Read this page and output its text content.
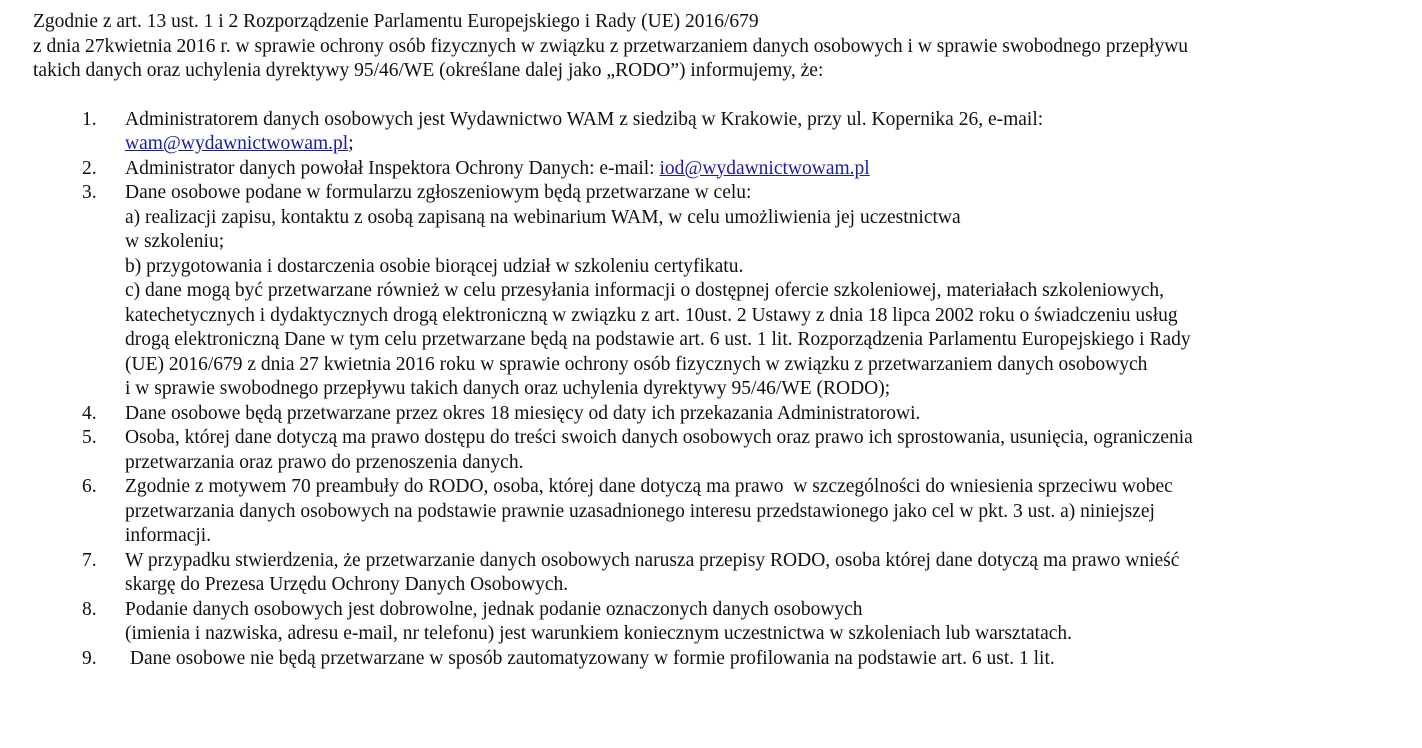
Zgodnie z art. 13 ust. 1 i 2 Rozporządzenie Parlamentu Europejskiego i Rady (UE) 2016/679
z dnia 27kwietnia 2016 r. w sprawie ochrony osób fizycznych w związku z przetwarzaniem danych osobowych i w sprawie swobodnego przepływu
takich danych oraz uchylenia dyrektywy 95/46/WE (określane dalej jako „RODO”) informujemy, że:
1. Administratorem danych osobowych jest Wydawnictwo WAM z siedzibą w Krakowie, przy ul. Kopernika 26, e-mail:
wam@wydawnictwowam.pl;
2. Administrator danych powołał Inspektora Ochrony Danych: e-mail: iod@wydawnictwowam.pl
3. Dane osobowe podane w formularzu zgłoszeniowym będą przetwarzane w celu:
a) realizacji zapisu, kontaktu z osobą zapisaną na webinarium WAM, w celu umożliwienia jej uczestnictwa
w szkoleniu;
b) przygotowania i dostarczenia osobie biorącej udział w szkoleniu certyfikatu.
c) dane mogą być przetwarzane również w celu przesyłania informacji o dostępnej ofercie szkoleniowej, materiałach szkoleniowych,
katechetycznych i dydaktycznych drogą elektroniczną w związku z art. 10ust. 2 Ustawy z dnia 18 lipca 2002 roku o świadczeniu usług
drogą elektroniczną Dane w tym celu przetwarzane będą na podstawie art. 6 ust. 1 lit. Rozporządzenia Parlamentu Europejskiego i Rady
(UE) 2016/679 z dnia 27 kwietnia 2016 roku w sprawie ochrony osób fizycznych w związku z przetwarzaniem danych osobowych
i w sprawie swobodnego przepływu takich danych oraz uchylenia dyrektywy 95/46/WE (RODO);
4. Dane osobowe będą przetwarzane przez okres 18 miesięcy od daty ich przekazania Administratorowi.
5. Osoba, której dane dotyczą ma prawo dostępu do treści swoich danych osobowych oraz prawo ich sprostowania, usunięcia, ograniczenia
przetwarzania oraz prawo do przenoszenia danych.
6. Zgodnie z motywem 70 preambuły do RODO, osoba, której dane dotyczą ma prawo  w szczególności do wniesienia sprzeciwu wobec
przetwarzania danych osobowych na podstawie prawnie uzasadnionego interesu przedstawionego jako cel w pkt. 3 ust. a) niniejszej
informacji.
7. W przypadku stwierdzenia, że przetwarzanie danych osobowych narusza przepisy RODO, osoba której dane dotyczą ma prawo wnieść
skargę do Prezesa Urzędu Ochrony Danych Osobowych.
8. Podanie danych osobowych jest dobrowolne, jednak podanie oznaczonych danych osobowych
(imienia i nazwiska, adresu e-mail, nr telefonu) jest warunkiem koniecznym uczestnictwa w szkoleniach lub warsztatach.
9. Dane osobowe nie będą przetwarzane w sposób zautomatyzowany w formie profilowania na podstawie art. 6 ust. 1 lit.
